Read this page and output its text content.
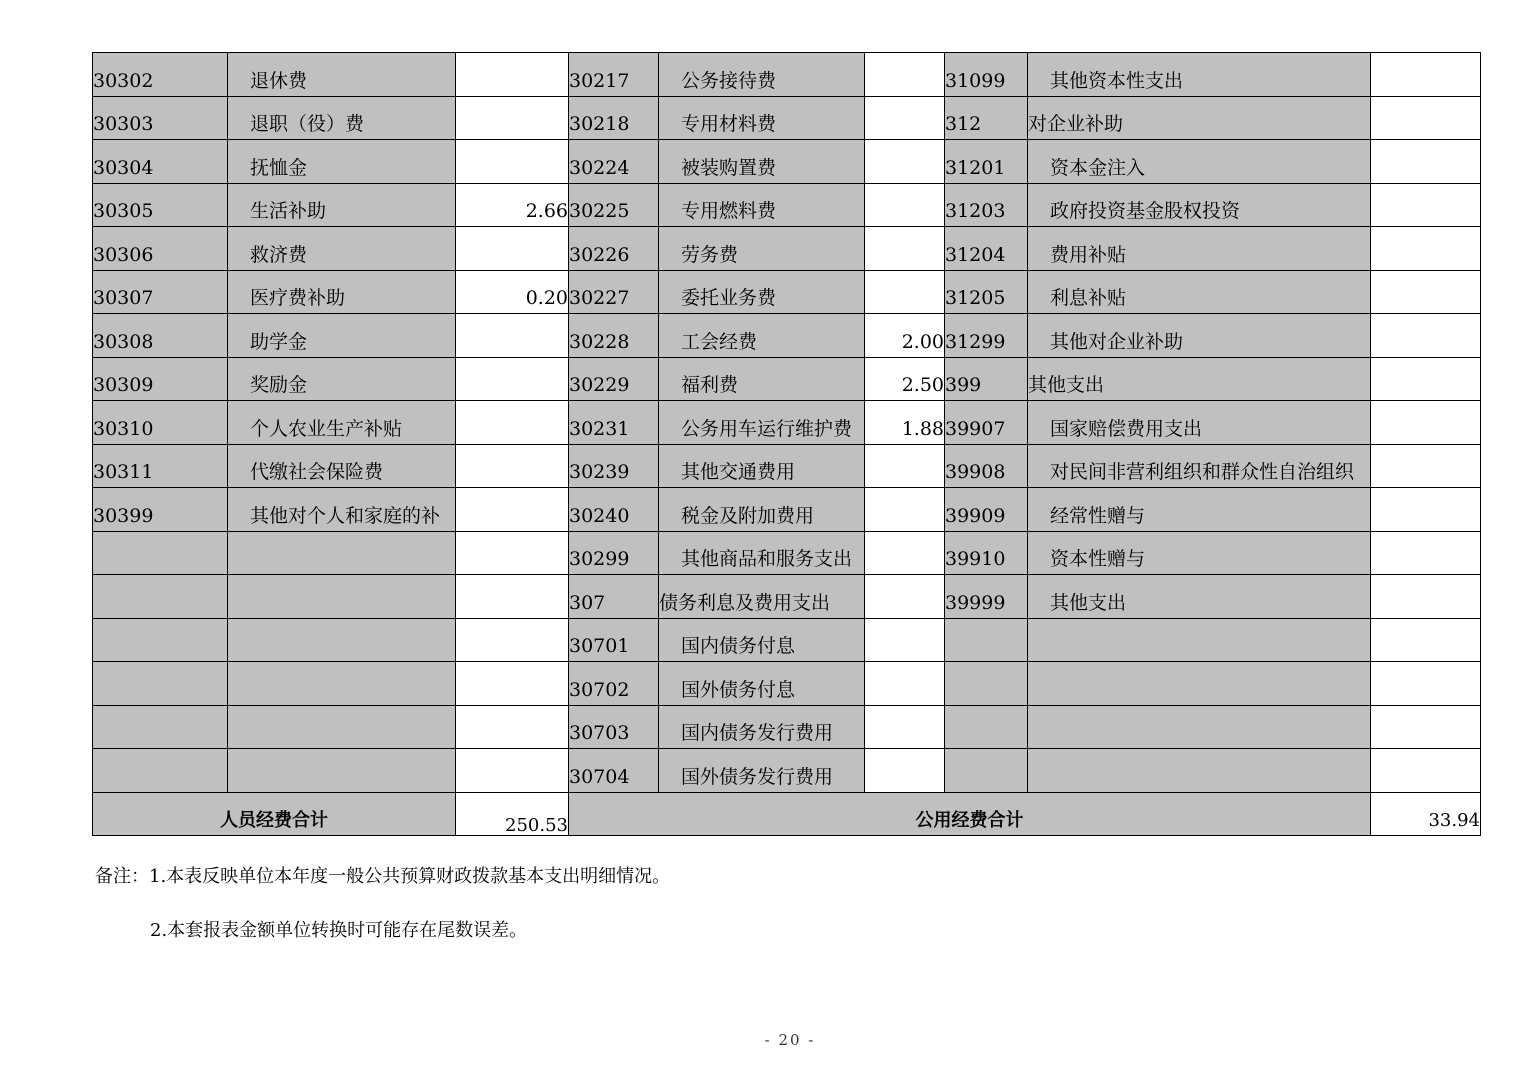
30302	退休费		30217	公务接待费		31099	其他资本性支出	
30303	退职（役）费		30218	专用材料费		312	对企业补助	
30304	抚恤金		30224	被装购置费		31201	资本金注入	
30305	生活补助	2.66	30225	专用燃料费		31203	政府投资基金股权投资	
30306	救济费		30226	劳务费		31204	费用补贴	
30307	医疗费补助	0.20	30227	委托业务费		31205	利息补贴	
30308	助学金		30228	工会经费	2.00	31299	其他对企业补助	
30309	奖励金		30229	福利费	2.50	399	其他支出	
30310	个人农业生产补贴		30231	公务用车运行维护费	1.88	39907	国家赔偿费用支出	
30311	代缴社会保险费		30239	其他交通费用		39908	对民间非营利组织和群众性自治组织	
30399	其他对个人和家庭的补		30240	税金及附加费用		39909	经常性赠与	
			30299	其他商品和服务支出		39910	资本性赠与	
			307	债务利息及费用支出		39999	其他支出	
			30701	国内债务付息				
			30702	国外债务付息				
			30703	国内债务发行费用				
			30704	国外债务发行费用				
人员经费合计		250.53	公用经费合计					33.94
备注：1.本表反映单位本年度一般公共预算财政拨款基本支出明细情况。
2.本套报表金额单位转换时可能存在尾数误差。
- 20 -
